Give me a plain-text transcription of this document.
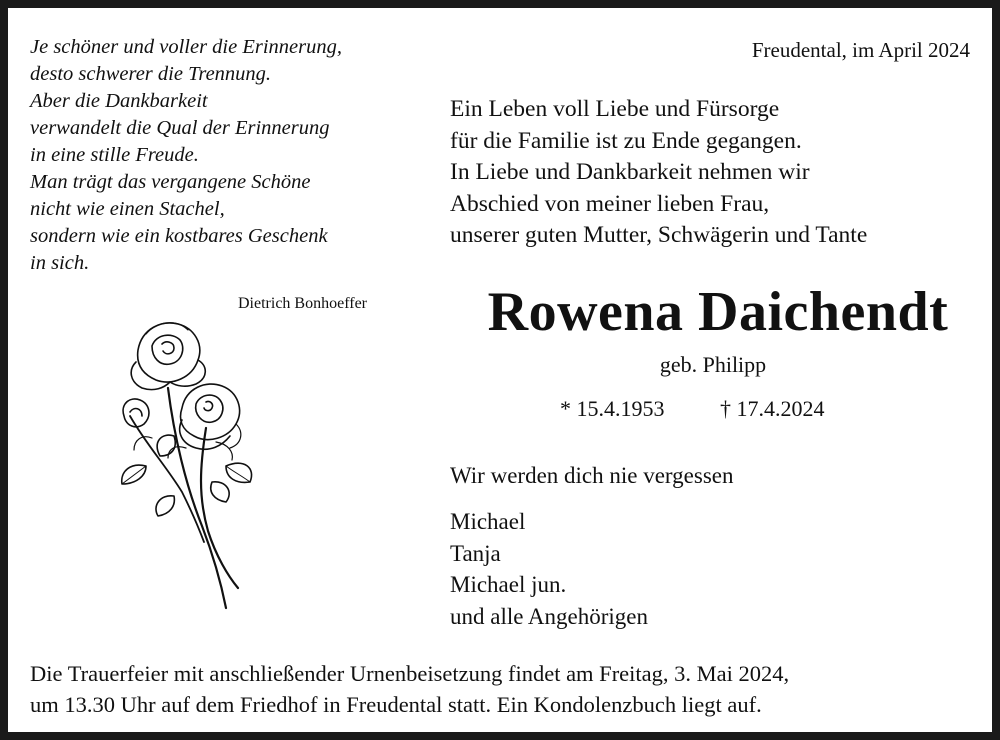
Je schöner und voller die Erinnerung,
desto schwerer die Trennung.
Aber die Dankbarkeit
verwandelt die Qual der Erinnerung
in eine stille Freude.
Man trägt das vergangene Schöne
nicht wie einen Stachel,
sondern wie ein kostbares Geschenk
in sich.
Dietrich Bonhoeffer
Freudental, im April 2024
Ein Leben voll Liebe und Fürsorge
für die Familie ist zu Ende gegangen.
In Liebe und Dankbarkeit nehmen wir
Abschied von meiner lieben Frau,
unserer guten Mutter, Schwägerin und Tante
Rowena Daichendt
geb. Philipp
* 15.4.1953	† 17.4.2024
Wir werden dich nie vergessen
Michael
Tanja
Michael jun.
und alle Angehörigen
Die Trauerfeier mit anschließender Urnenbeisetzung findet am Freitag, 3. Mai 2024,
um 13.30 Uhr auf dem Friedhof in Freudental statt. Ein Kondolenzbuch liegt auf.
